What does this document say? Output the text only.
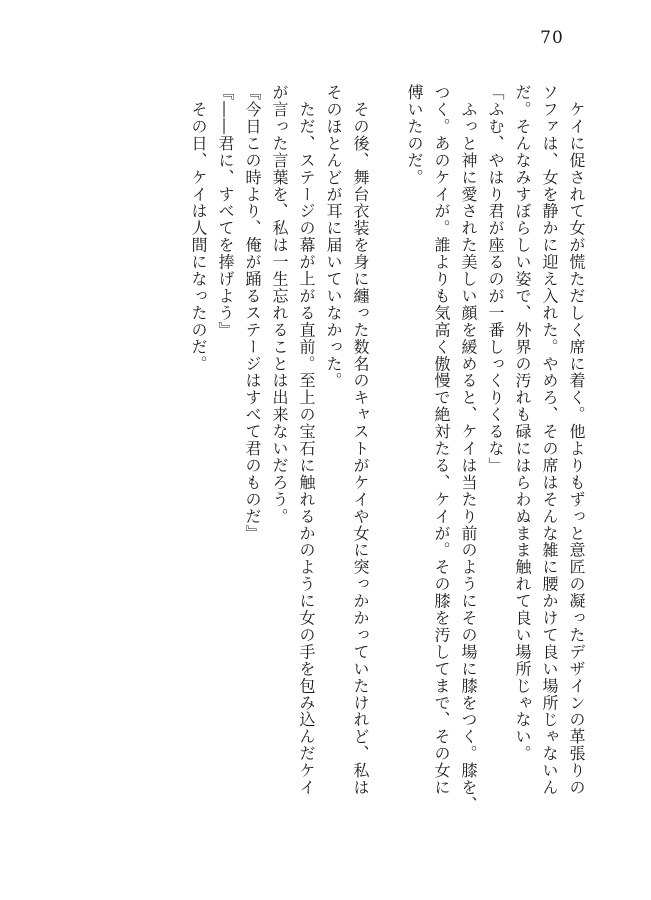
70
　ケイに促されて女が慌ただしく席に着く。他よりもずっと意匠の凝ったデザインの革張りの
ソファは、女を静かに迎え入れた。やめろ、その席はそんな雑に腰かけて良い場所じゃないん
だ。そんなみすぼらしい姿で、外界の汚れも碌にはらわぬまま触れて良い場所じゃない。
「ふむ、やはり君が座るのが一番しっくりくるな」
　ふっと神に愛された美しい顔を緩めると、ケイは当たり前のようにその場に膝をつく。膝を、
つく。あのケイが。誰よりも気高く傲慢で絶対たる、ケイが。その膝を汚してまで、その女に
傅いたのだ。
　その後、舞台衣装を身に纏った数名のキャストがケイや女に突っかかっていたけれど、私は
そのほとんどが耳に届いていなかった。
　ただ、ステージの幕が上がる直前。至上の宝石に触れるかのように女の手を包み込んだケイ
が言った言葉を、私は一生忘れることは出来ないだろう。
『今日この時より、俺が踊るステージはすべて君のものだ』
『――君に、すべてを捧げよう』
　その日、ケイは人間になったのだ。
